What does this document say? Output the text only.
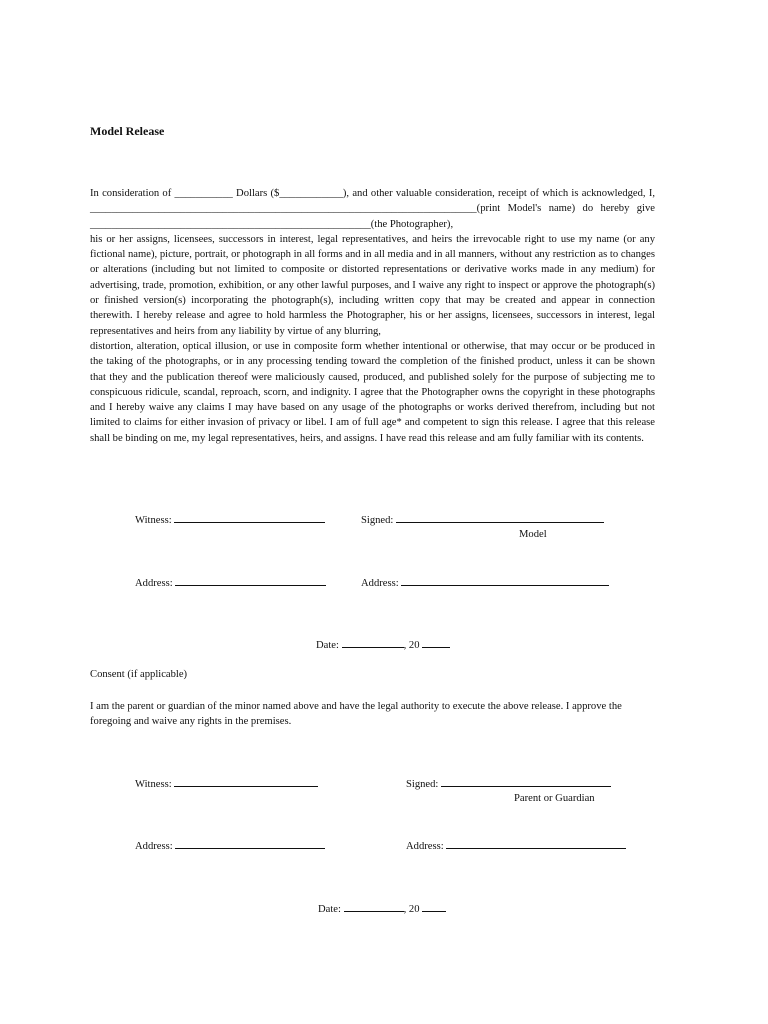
Model Release

In consideration of ___________ Dollars ($____________), and other valuable consideration, receipt of which is acknowledged, I, _________________________________________________________________________(print Model's name) do hereby give _____________________________________________________(the Photographer),

his or her assigns, licensees, successors in interest, legal representatives, and heirs the irrevocable right to use my name (or any fictional name), picture, portrait, or photograph in all forms and in all media and in all manners, without any restriction as to changes or alterations (including but not limited to composite or distorted representations or derivative works made in any medium) for advertising, trade, promotion, exhibition, or any other lawful purposes, and I waive any right to inspect or approve the photograph(s) or finished version(s) incorporating the photograph(s), including written copy that may be created and appear in connection therewith. I hereby release and agree to hold harmless the Photographer, his or her assigns, licensees, successors in interest, legal representatives and heirs from any liability by virtue of any blurring,

distortion, alteration, optical illusion, or use in composite form whether intentional or otherwise, that may occur or be produced in the taking of the photographs, or in any processing tending toward the completion of the finished product, unless it can be shown that they and the publication thereof were maliciously caused, produced, and published solely for the purpose of subjecting me to conspicuous ridicule, scandal, reproach, scorn, and indignity. I agree that the Photographer owns the copyright in these photographs and I hereby waive any claims I may have based on any usage of the photographs or works derived therefrom, including but not limited to claims for either invasion of privacy or libel. I am of full age* and competent to sign this release. I agree that this release shall be binding on me, my legal representatives, heirs, and assigns. I have read this release and am fully familiar with its contents.

Witness:	Signed:
Model
Address:	Address:
Date:	, 20
Consent (if applicable)

I am the parent or guardian of the minor named above and have the legal authority to execute the above release. I approve the foregoing and waive any rights in the premises.

Witness:	Signed:
Parent or Guardian
Address:	Address:
Date:	, 20
